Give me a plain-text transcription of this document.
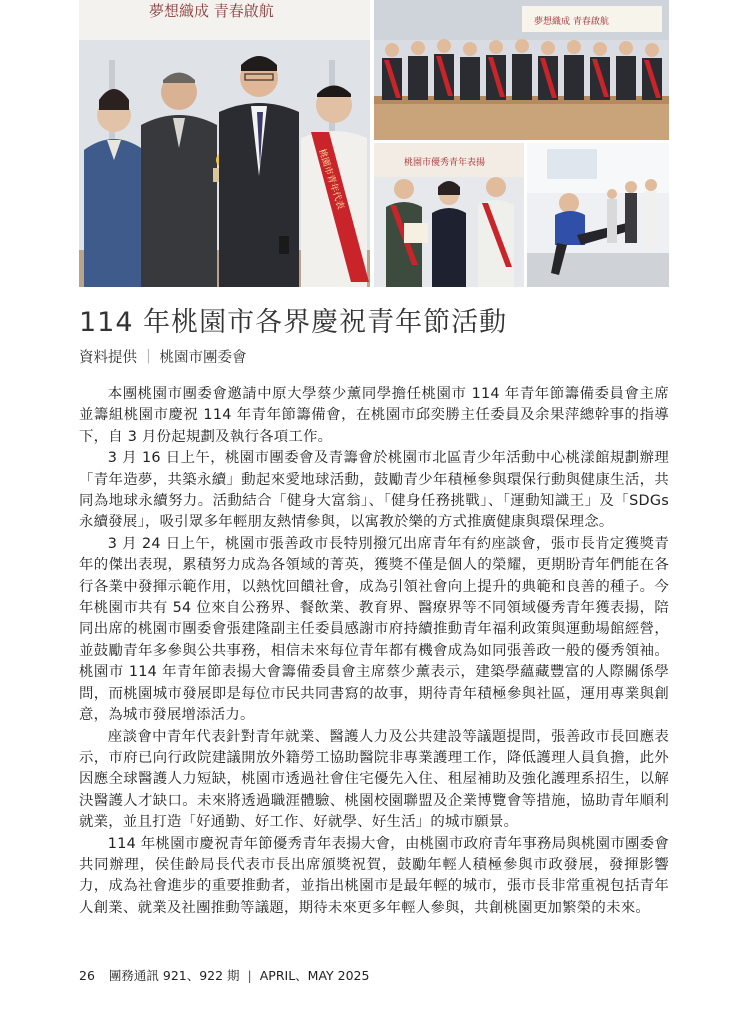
夢想織成 青春啟航
桃園市青年代表
夢想織成 青春啟航
桃園市優秀青年表揚
114 年桃園市各界慶祝青年節活動
資料提供 ｜ 桃園市團委會

本團桃園市團委會邀請中原大學蔡少薰同學擔任桃園市 114 年青年節籌備委員會主席並籌組桃園市慶祝 114 年青年節籌備會，在桃園市邱奕勝主任委員及余果萍總幹事的指導下，自 3 月份起規劃及執行各項工作。

3 月 16 日上午，桃園市團委會及青籌會於桃園市北區青少年活動中心桃漾館規劃辦理「青年造夢，共築永續」動起來愛地球活動，鼓勵青少年積極參與環保行動與健康生活，共同為地球永續努力。活動結合「健身大富翁」、「健身任務挑戰」、「運動知識王」及「SDGs 永續發展」，吸引眾多年輕朋友熱情參與，以寓教於樂的方式推廣健康與環保理念。

3 月 24 日上午，桃園市張善政市長特別撥冗出席青年有約座談會，張市長肯定獲獎青年的傑出表現，累積努力成為各領域的菁英，獲獎不僅是個人的榮耀，更期盼青年們能在各行各業中發揮示範作用，以熱忱回饋社會，成為引領社會向上提升的典範和良善的種子。今年桃園市共有 54 位來自公務界、餐飲業、教育界、醫療界等不同領域優秀青年獲表揚，陪同出席的桃園市團委會張建隆副主任委員感謝市府持續推動青年福利政策與運動場館經營，並鼓勵青年多參與公共事務，相信未來每位青年都有機會成為如同張善政一般的優秀領袖。桃園市 114 年青年節表揚大會籌備委員會主席蔡少薰表示，建築學蘊藏豐富的人際關係學問，而桃園城市發展即是每位市民共同書寫的故事，期待青年積極參與社區，運用專業與創意，為城市發展增添活力。

座談會中青年代表針對青年就業、醫護人力及公共建設等議題提問，張善政市長回應表示，市府已向行政院建議開放外籍勞工協助醫院非專業護理工作，降低護理人員負擔，此外因應全球醫護人力短缺，桃園市透過社會住宅優先入住、租屋補助及強化護理系招生，以解決醫護人才缺口。未來將透過職涯體驗、桃園校園聯盟及企業博覽會等措施，協助青年順利就業，並且打造「好通勤、好工作、好就學、好生活」的城市願景。

114 年桃園市慶祝青年節優秀青年表揚大會，由桃園市政府青年事務局與桃園市團委會共同辦理，侯佳齡局長代表市長出席頒獎祝賀，鼓勵年輕人積極參與市政發展，發揮影響力，成為社會進步的重要推動者，並指出桃園市是最年輕的城市，張市長非常重視包括青年人創業、就業及社團推動等議題，期待未來更多年輕人參與，共創桃園更加繁榮的未來。

26 團務通訊 921、922 期 | APRIL、MAY 2025
